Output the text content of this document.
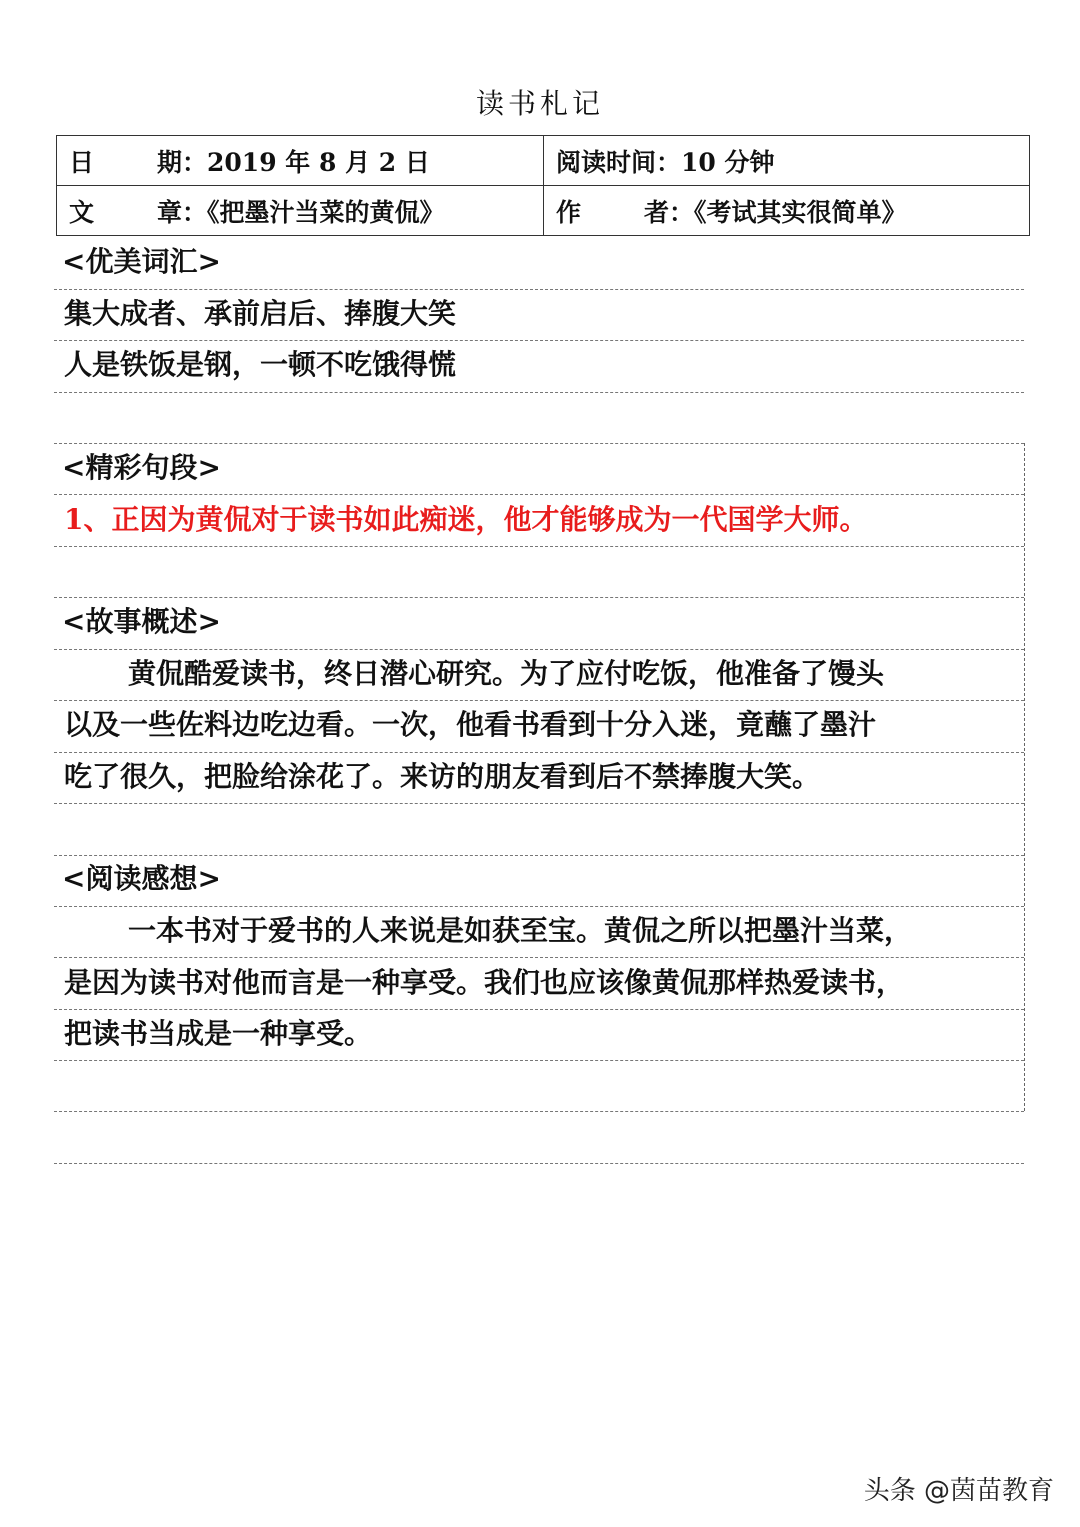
读书札记
日 期：2019 年 8 月 2 日	阅读时间：10 分钟
文 章：《把墨汁当菜的黄侃》	作 者：《考试其实很简单》
<优美词汇>
集大成者、承前启后、捧腹大笑
人是铁饭是钢，一顿不吃饿得慌
<精彩句段>
1、正因为黄侃对于读书如此痴迷，他才能够成为一代国学大师。
<故事概述>
黄侃酷爱读书，终日潜心研究。为了应付吃饭，他准备了馒头
以及一些佐料边吃边看。一次，他看书看到十分入迷，竟蘸了墨汁
吃了很久，把脸给涂花了。来访的朋友看到后不禁捧腹大笑。
<阅读感想>
一本书对于爱书的人来说是如获至宝。黄侃之所以把墨汁当菜，
是因为读书对他而言是一种享受。我们也应该像黄侃那样热爱读书，
把读书当成是一种享受。
头条 @茵苗教育
